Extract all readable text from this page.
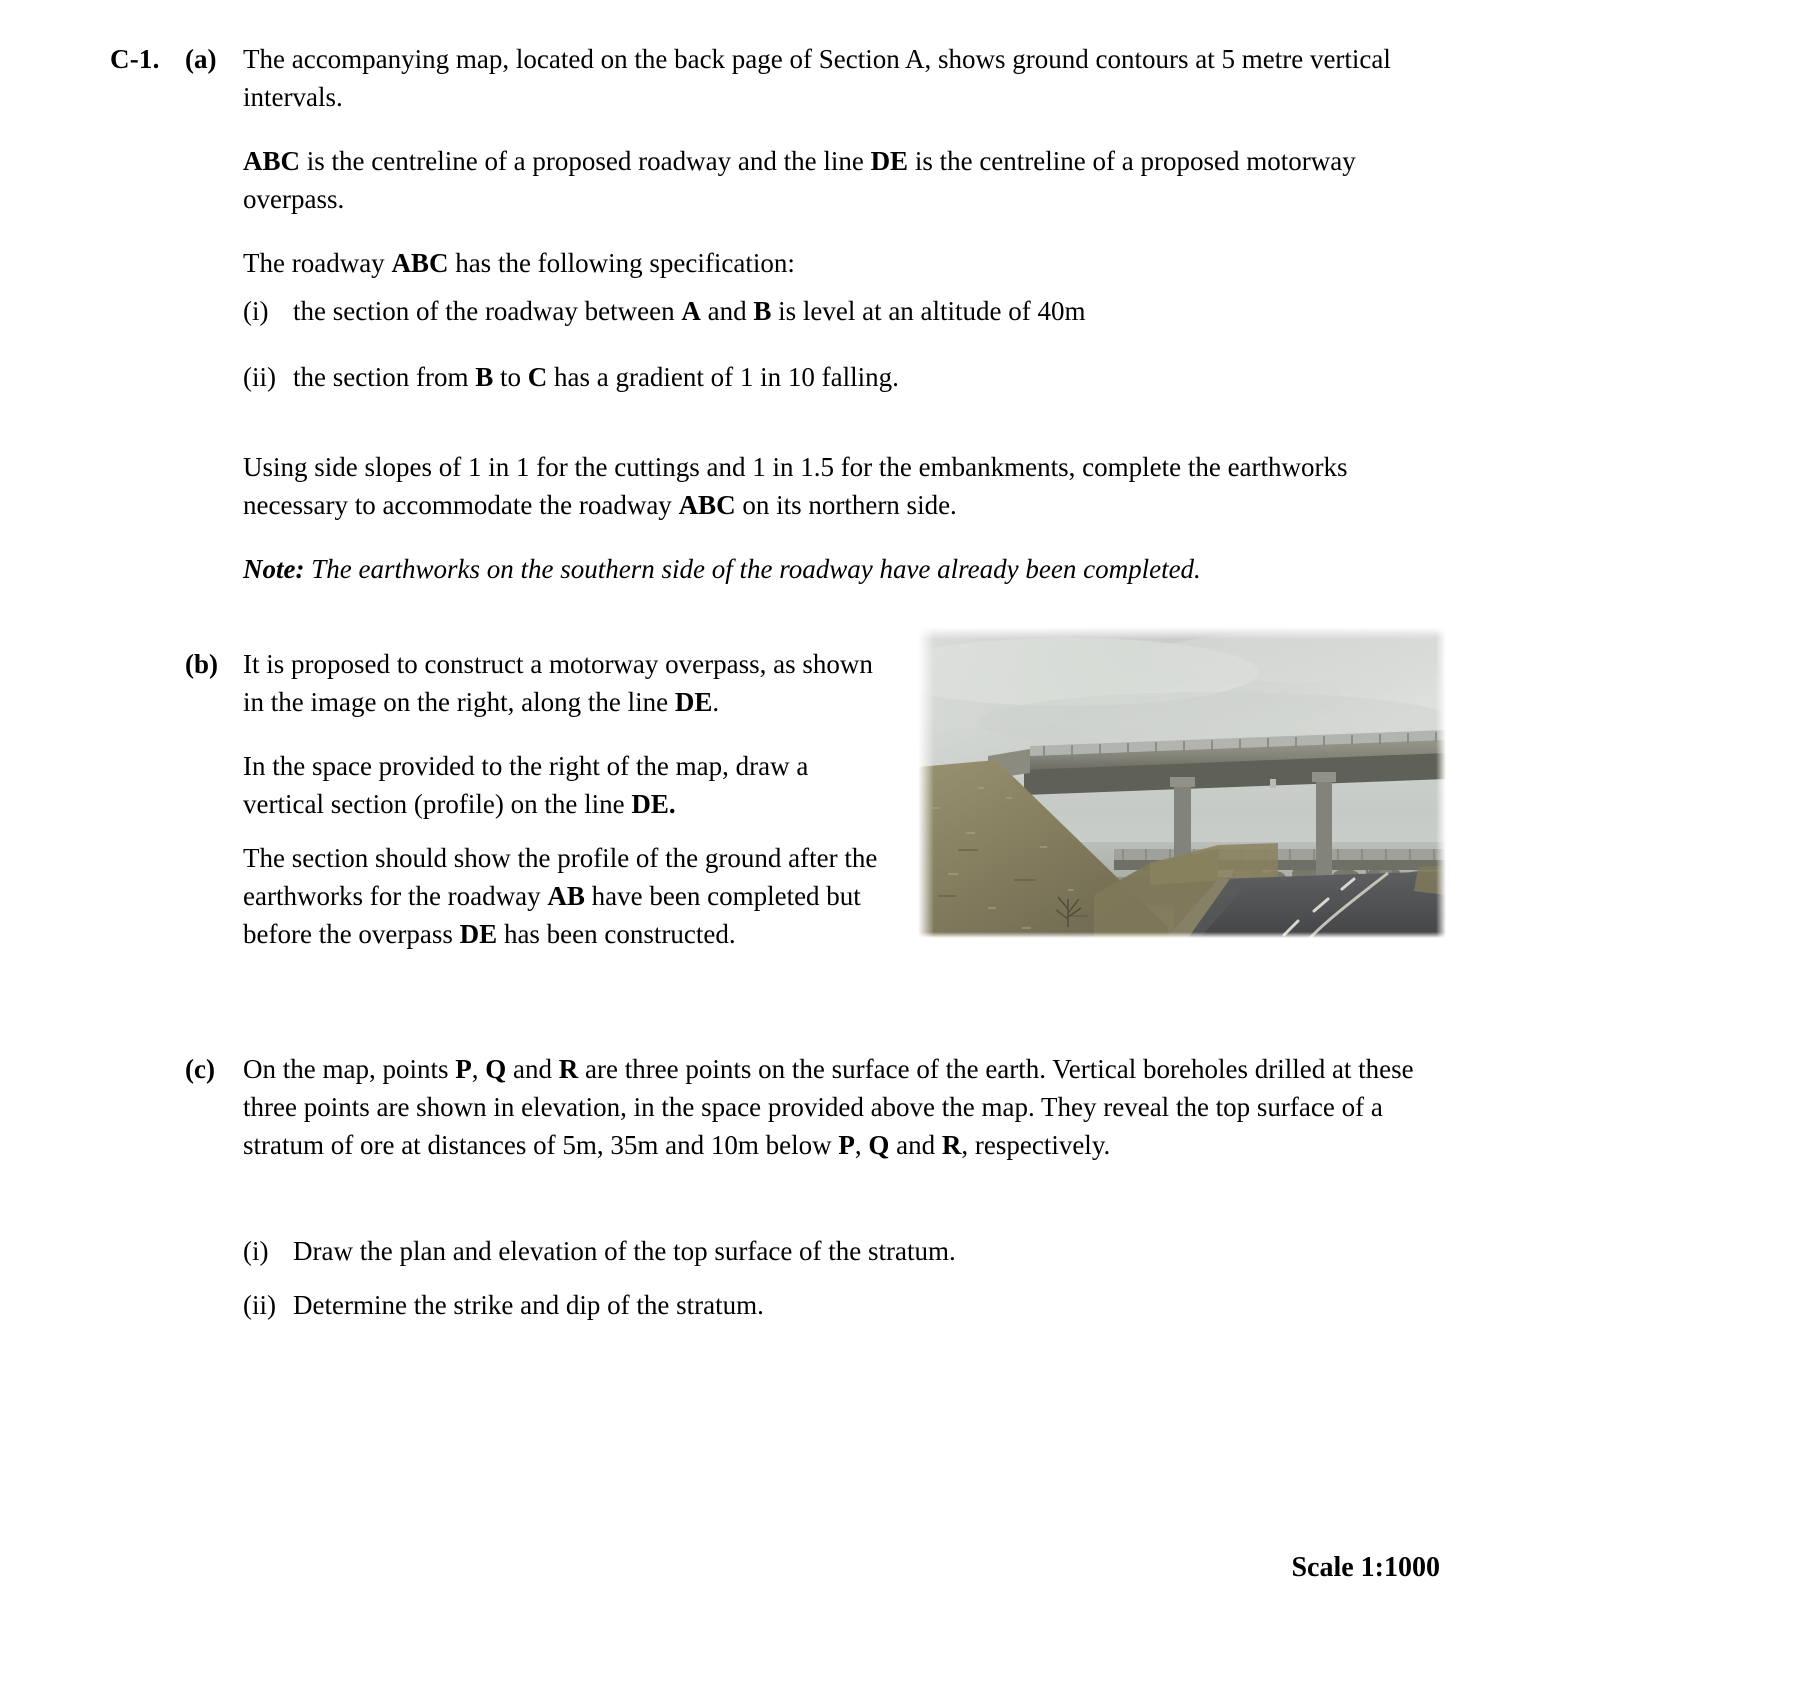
C-1. (a) The accompanying map, located on the back page of Section A, shows ground contours at 5 metre vertical intervals.

ABC is the centreline of a proposed roadway and the line DE is the centreline of a proposed motorway overpass.

The roadway ABC has the following specification:

(i) the section of the roadway between A and B is level at an altitude of 40m
(ii) the section from B to C has a gradient of 1 in 10 falling.

Using side slopes of 1 in 1 for the cuttings and 1 in 1.5 for the embankments, complete the earthworks necessary to accommodate the roadway ABC on its northern side.

Note: The earthworks on the southern side of the roadway have already been completed.

(b) It is proposed to construct a motorway overpass, as shown in the image on the right, along the line DE.

In the space provided to the right of the map, draw a vertical section (profile) on the line DE.

The section should show the profile of the ground after the earthworks for the roadway AB have been completed but before the overpass DE has been constructed.

(c) On the map, points P, Q and R are three points on the surface of the earth. Vertical boreholes drilled at these three points are shown in elevation, in the space provided above the map. They reveal the top surface of a stratum of ore at distances of 5m, 35m and 10m below P, Q and R, respectively.

(i) Draw the plan and elevation of the top surface of the stratum.
(ii) Determine the strike and dip of the stratum.
Scale 1:1000
